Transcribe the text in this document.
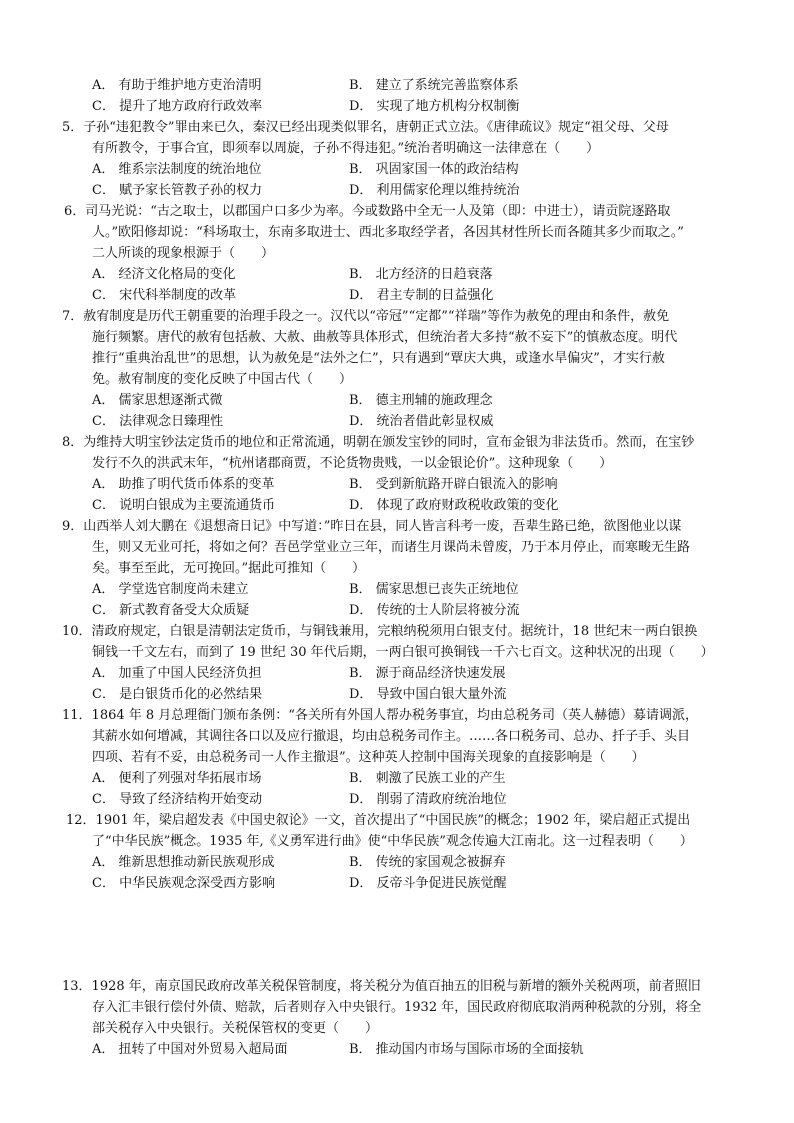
A． 有助于维护地方吏治清明	B． 建立了系统完善监察体系
C． 提升了地方政府行政效率	D． 实现了地方机构分权制衡
5．子孙“违犯教令”罪由来已久，秦汉已经出现类似罪名，唐朝正式立法。《唐律疏议》规定“祖父母、父母
有所教令，于事合宜，即须奉以周旋，子孙不得违犯。”统治者明确这一法律意在（　　）
A． 维系宗法制度的统治地位	B． 巩固家国一体的政治结构
C． 赋予家长管教子孙的权力	D． 利用儒家伦理以维持统治
6．司马光说：“古之取士，以郡国户口多少为率。今或数路中全无一人及第（即：中进士），请贡院逐路取
人。”欧阳修却说：“科场取士，东南多取进士、西北多取经学者，各因其材性所长而各随其多少而取之。”
二人所谈的现象根源于（　　）
A． 经济文化格局的变化	B． 北方经济的日趋衰落
C． 宋代科举制度的改革	D． 君主专制的日益强化
7．赦宥制度是历代王朝重要的治理手段之一。汉代以“帝冠”“定都”“祥瑞”等作为赦免的理由和条件，赦免
施行频繁。唐代的赦宥包括赦、大赦、曲赦等具体形式，但统治者大多持“赦不妄下”的慎赦态度。明代
推行“重典治乱世”的思想，认为赦免是“法外之仁”，只有遇到“覃庆大典，或逢水旱偏灾”，才实行赦
免。赦宥制度的变化反映了中国古代（　　）
A． 儒家思想逐渐式微	B． 德主刑辅的施政理念
C． 法律观念日臻理性	D． 统治者借此彰显权威
8．为维持大明宝钞法定货币的地位和正常流通，明朝在颁发宝钞的同时，宣布金银为非法货币。然而，在宝钞
发行不久的洪武末年，“杭州诸郡商贾，不论货物贵贱，一以金银论价”。这种现象（　　）
A． 助推了明代货币体系的变革	B． 受到新航路开辟白银流入的影响
C． 说明白银成为主要流通货币	D． 体现了政府财政税收政策的变化
9．山西举人刘大鹏在《退想斋日记》中写道：”昨日在县，同人皆言科考一废，吾辈生路已绝，欲图他业以谋
生，则又无业可托，将如之何？吾邑学堂业立三年，而诸生月课尚未曾废，乃于本月停止，而寒畯无生路
矣。事至至此，无可挽回。”据此可推知（　　）
A． 学堂选官制度尚未建立	B． 儒家思想已丧失正统地位
C． 新式教育备受大众质疑	D． 传统的士人阶层将被分流
10．清政府规定，白银是清朝法定货币，与铜钱兼用，完粮纳税须用白银支付。据统计，18 世纪末一两白银换
铜钱一千文左右，而到了 19 世纪 30 年代后期，一两白银可换铜钱一千六七百文。这种状况的出现（　　）
A． 加重了中国人民经济负担	B． 源于商品经济快速发展
C． 是白银货币化的必然结果	D． 导致中国白银大量外流
11．1864 年 8 月总理衙门颁布条例：“各关所有外国人帮办税务事宜，均由总税务司（英人赫德）募请调派，
其薪水如何增减，其调往各口以及应行撤退，均由总税务司作主。……各口税务司、总办、扦子手、头目
四项、若有不妥，由总税务司一人作主撤退”。这种英人控制中国海关现象的直接影响是（　　）
A． 便利了列强对华拓展市场	B． 刺激了民族工业的产生
C． 导致了经济结构开始变动	D． 削弱了清政府统治地位
12．1901 年，梁启超发表《中国史叙论》一文，首次提出了“中国民族”的概念；1902 年，梁启超正式提出
了“中华民族”概念。1935 年,《义勇军进行曲》使“中华民族”观念传遍大江南北。这一过程表明（　　）
A． 维新思想推动新民族观形成	B． 传统的家国观念被摒弃
C． 中华民族观念深受西方影响	D． 反帝斗争促进民族觉醒
13．1928 年，南京国民政府改革关税保管制度，将关税分为值百抽五的旧税与新增的额外关税两项，前者照旧
存入汇丰银行偿付外债、赔款，后者则存入中央银行。1932 年，国民政府彻底取消两种税款的分别，将全
部关税存入中央银行。关税保管权的变更（　　）
A． 扭转了中国对外贸易入超局面	B． 推动国内市场与国际市场的全面接轨
